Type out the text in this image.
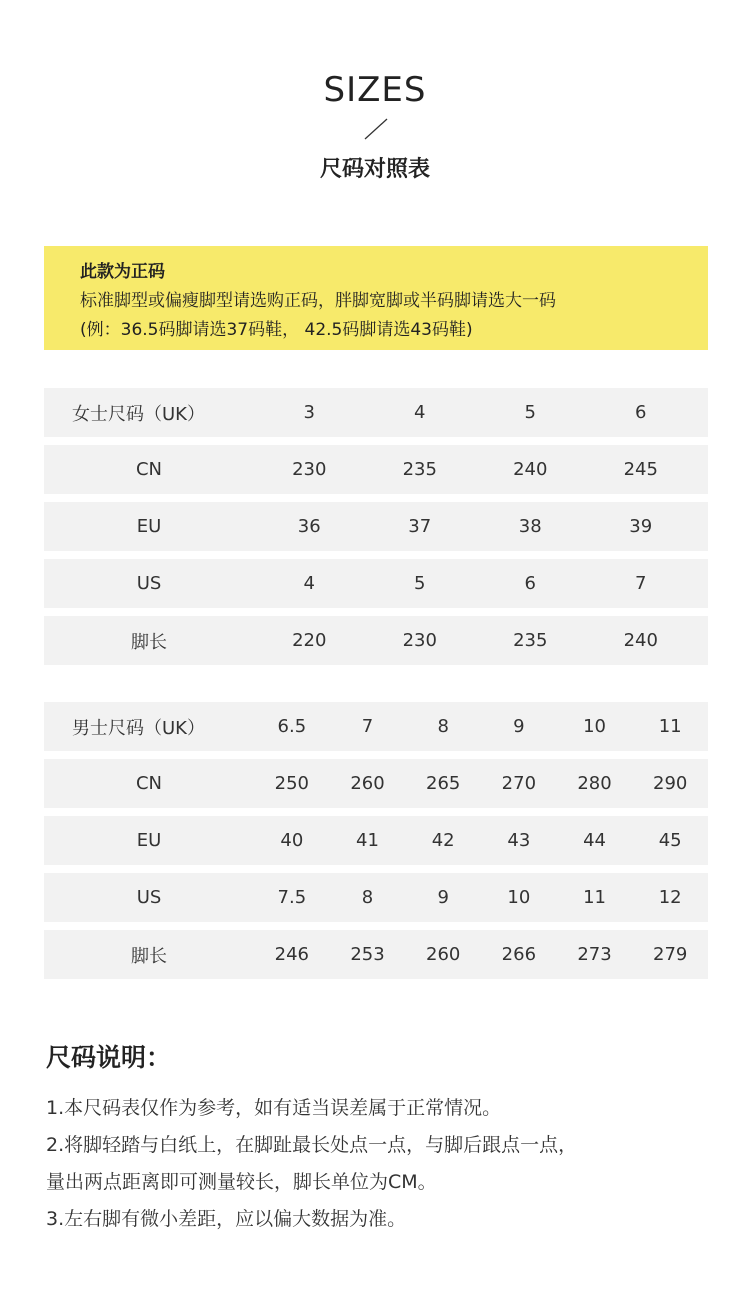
SIZES
尺码对照表
此款为正码
标准脚型或偏瘦脚型请选购正码，胖脚宽脚或半码脚请选大一码
(例：36.5码脚请选37码鞋， 42.5码脚请选43码鞋)
女士尺码（UK）	3	4	5	6
CN	230	235	240	245
EU	36	37	38	39
US	4	5	6	7
脚长	220	230	235	240
男士尺码（UK）	6.5	7	8	9	10	11
CN	250	260	265	270	280	290
EU	40	41	42	43	44	45
US	7.5	8	9	10	11	12
脚长	246	253	260	266	273	279
尺码说明：
1.本尺码表仅作为参考，如有适当误差属于正常情况。
2.将脚轻踏与白纸上，在脚趾最长处点一点，与脚后跟点一点，
量出两点距离即可测量较长，脚长单位为CM。
3.左右脚有微小差距，应以偏大数据为准。
